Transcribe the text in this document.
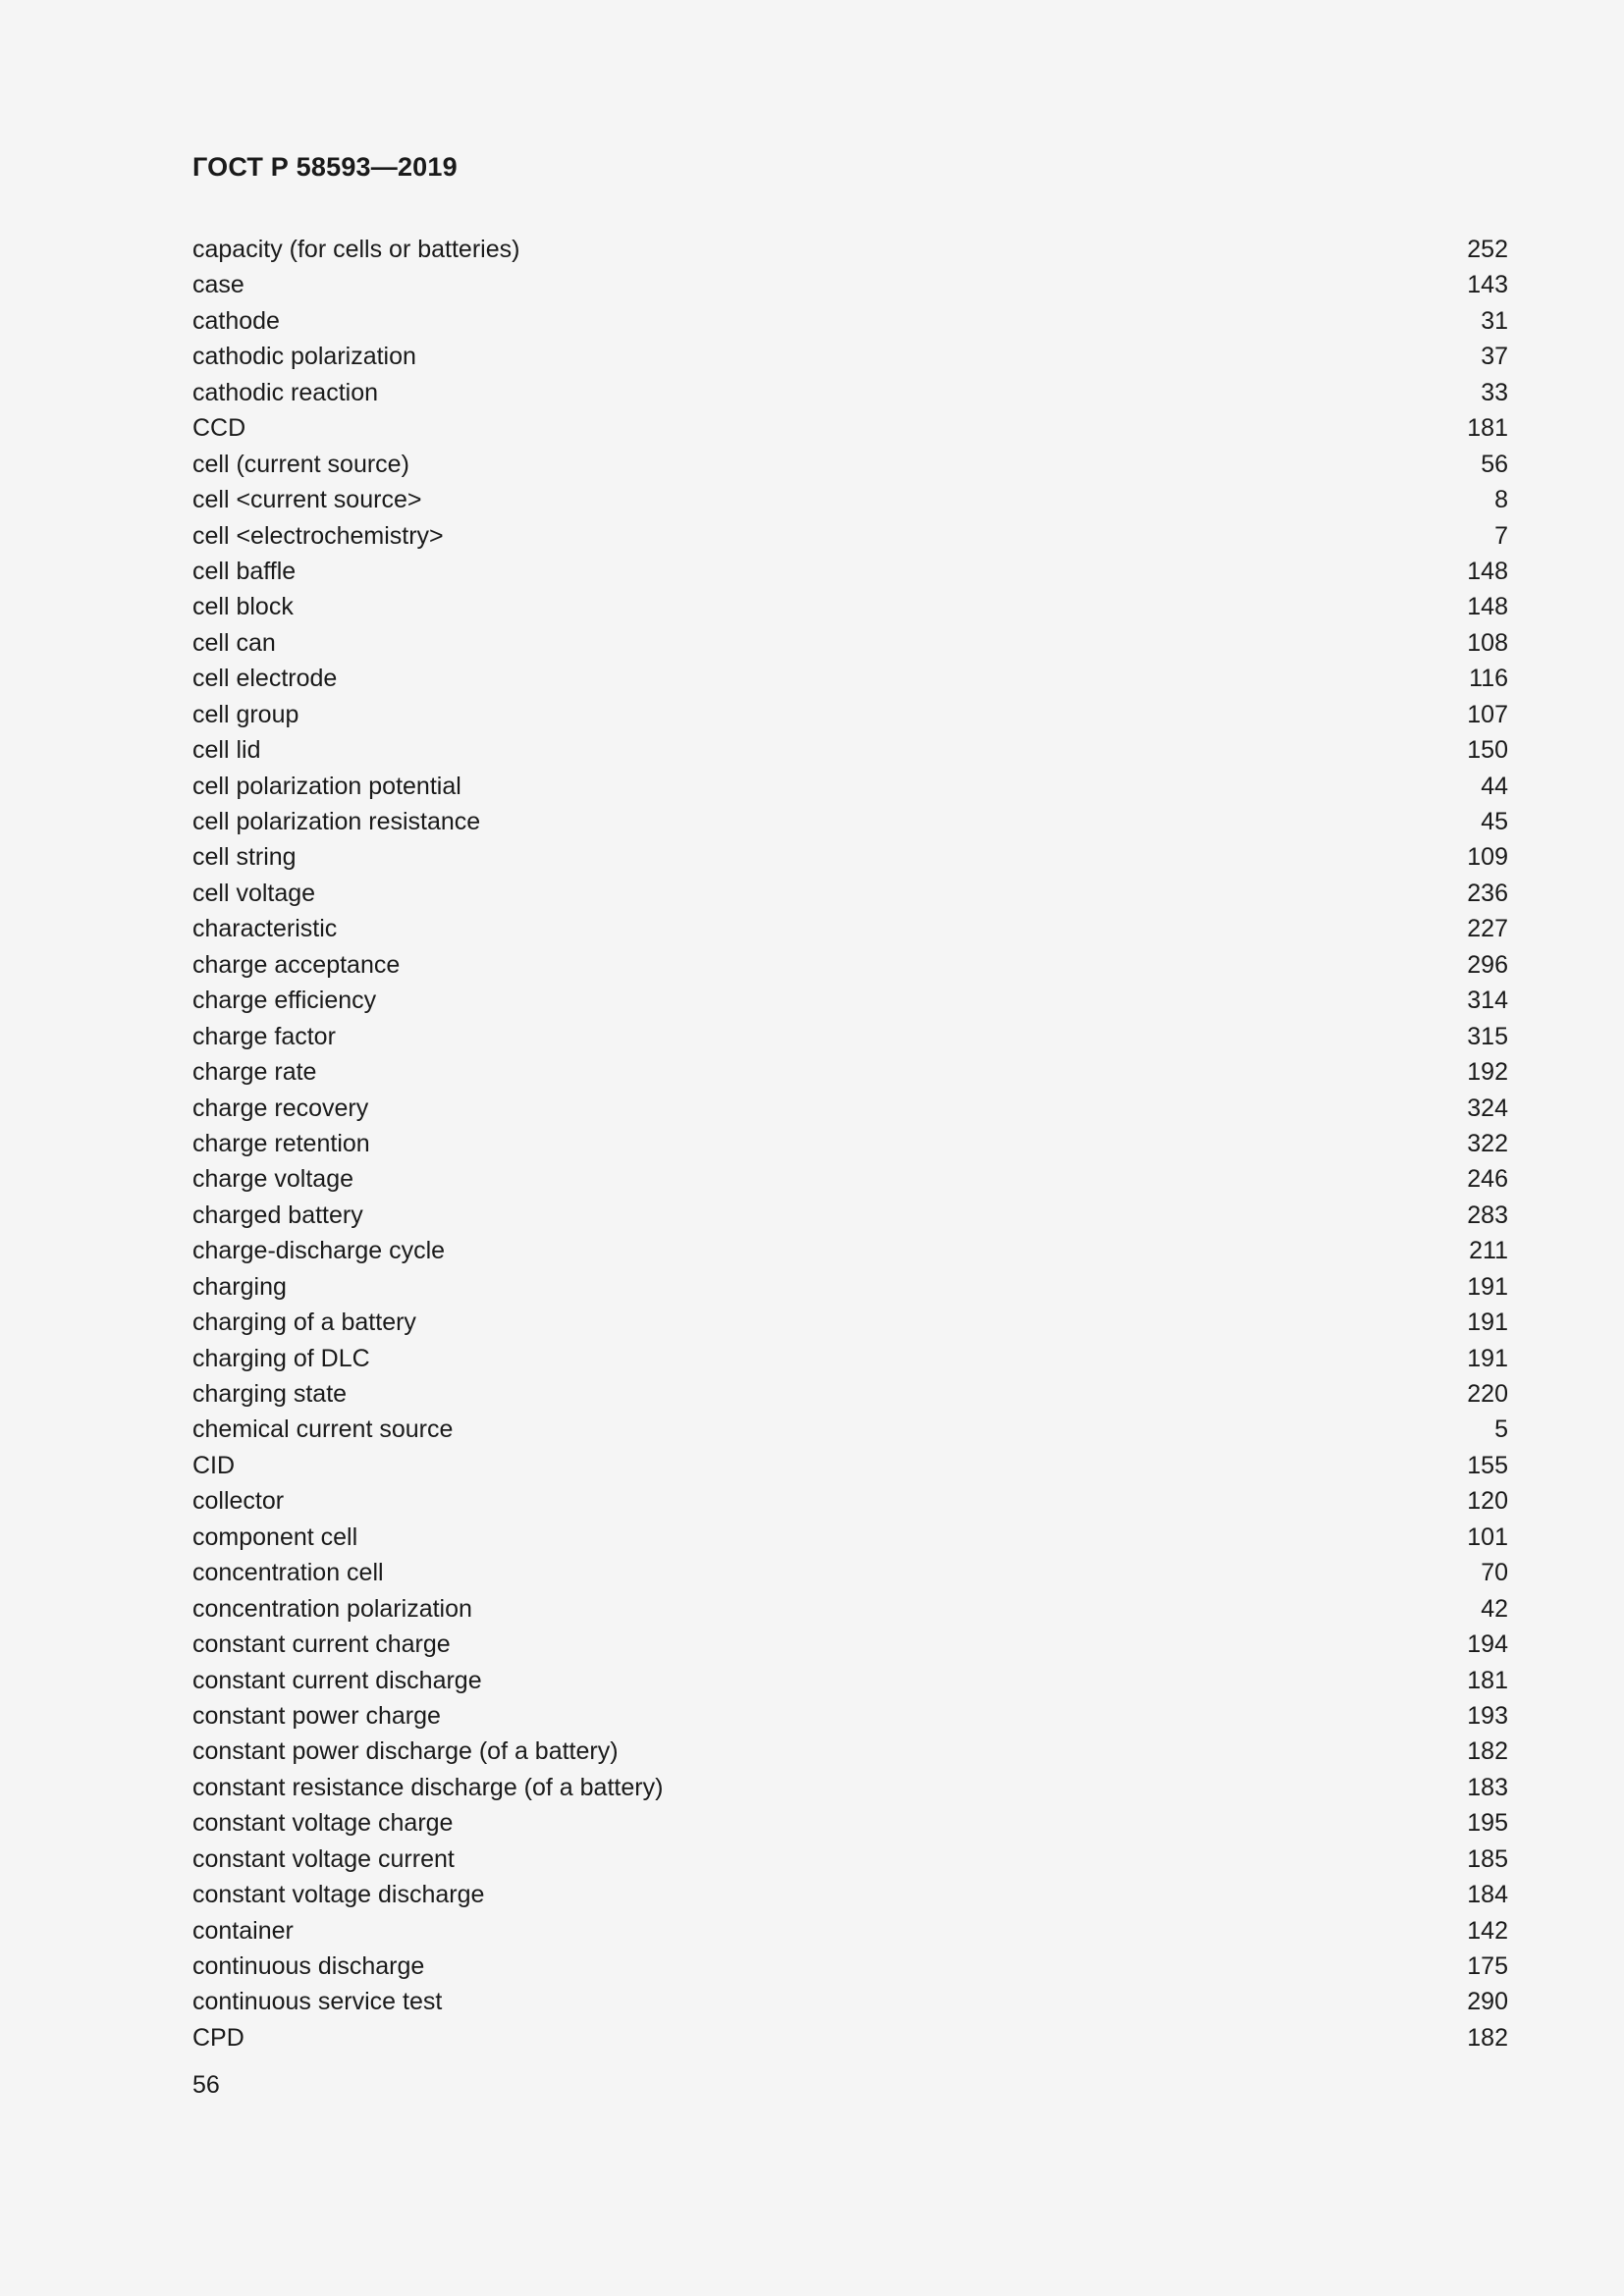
ГОСТ Р 58593—2019
capacity (for cells or batteries)	252
case	143
cathode	31
cathodic polarization	37
cathodic reaction	33
CCD	181
cell (current source)	56
cell <current source>	8
cell <electrochemistry>	7
cell baffle	148
cell block	148
cell can	108
cell electrode	116
cell group	107
cell lid	150
cell polarization potential	44
cell polarization resistance	45
cell string	109
cell voltage	236
characteristic	227
charge acceptance	296
charge efficiency	314
charge factor	315
charge rate	192
charge recovery	324
charge retention	322
charge voltage	246
charged battery	283
charge-discharge cycle	211
charging	191
charging of a battery	191
charging of DLC	191
charging state	220
chemical current source	5
CID	155
collector	120
component cell	101
concentration cell	70
concentration polarization	42
constant current charge	194
constant current discharge	181
constant power charge	193
constant power discharge (of a battery)	182
constant resistance discharge (of a battery)	183
constant voltage charge	195
constant voltage current	185
constant voltage discharge	184
container	142
continuous discharge	175
continuous service test	290
CPD	182
56
